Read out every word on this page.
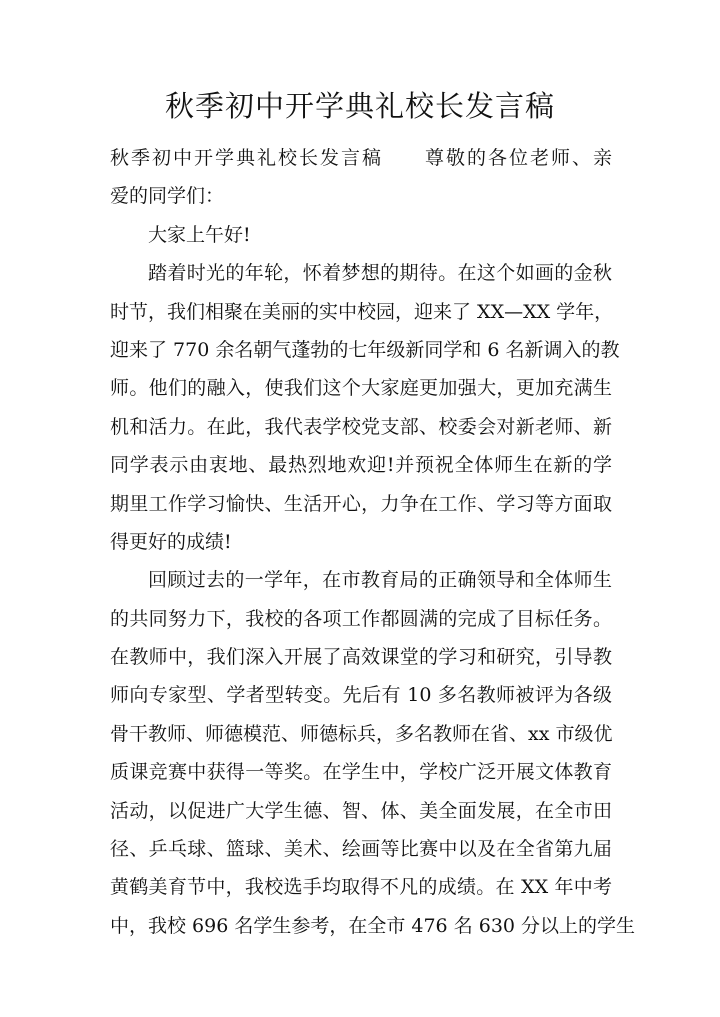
秋季初中开学典礼校长发言稿
秋季初中开学典礼校长发言稿　　尊敬的各位老师、亲
爱的同学们：
大家上午好!
踏着时光的年轮，怀着梦想的期待。在这个如画的金秋
时节，我们相聚在美丽的实中校园，迎来了 XX—XX 学年，
迎来了 770 余名朝气蓬勃的七年级新同学和 6 名新调入的教
师。他们的融入，使我们这个大家庭更加强大，更加充满生
机和活力。在此，我代表学校党支部、校委会对新老师、新
同学表示由衷地、最热烈地欢迎!并预祝全体师生在新的学
期里工作学习愉快、生活开心，力争在工作、学习等方面取
得更好的成绩!
回顾过去的一学年，在市教育局的正确领导和全体师生
的共同努力下，我校的各项工作都圆满的完成了目标任务。
在教师中，我们深入开展了高效课堂的学习和研究，引导教
师向专家型、学者型转变。先后有 10 多名教师被评为各级
骨干教师、师德模范、师德标兵，多名教师在省、xx 市级优
质课竞赛中获得一等奖。在学生中，学校广泛开展文体教育
活动，以促进广大学生德、智、体、美全面发展，在全市田
径、乒乓球、篮球、美术、绘画等比赛中以及在全省第九届
黄鹤美育节中，我校选手均取得不凡的成绩。在 XX 年中考
中，我校 696 名学生参考，在全市 476 名 630 分以上的学生
